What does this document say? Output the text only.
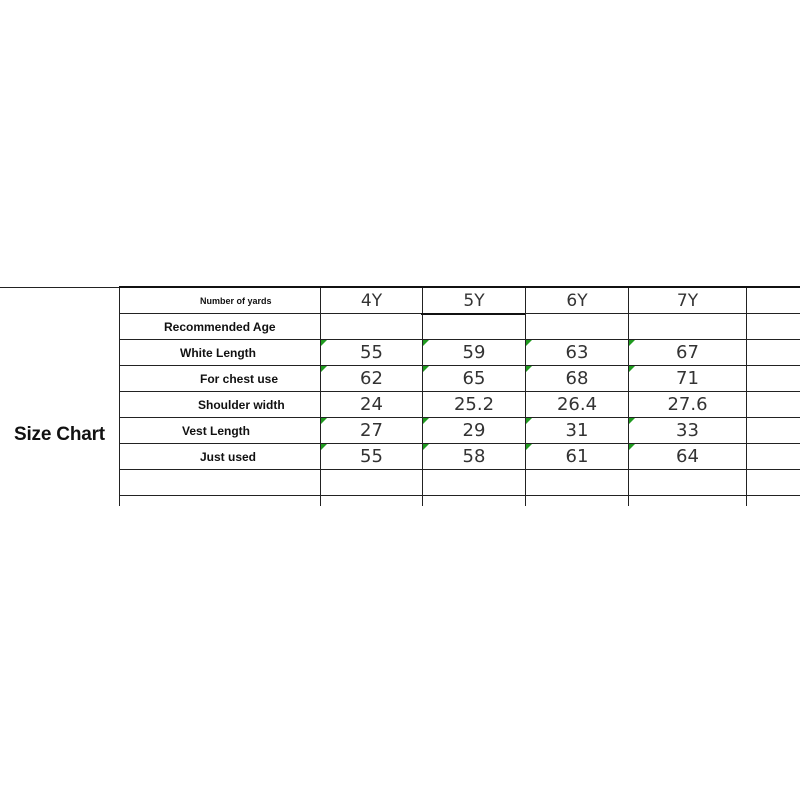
Size Chart
Number of yards	4Y	5Y	6Y	7Y	
Recommended Age					
White Length	55	59	63	67	
For chest use	62	65	68	71	
Shoulder width	24	25.2	26.4	27.6	
Vest Length	27	29	31	33	
Just used	55	58	61	64	
